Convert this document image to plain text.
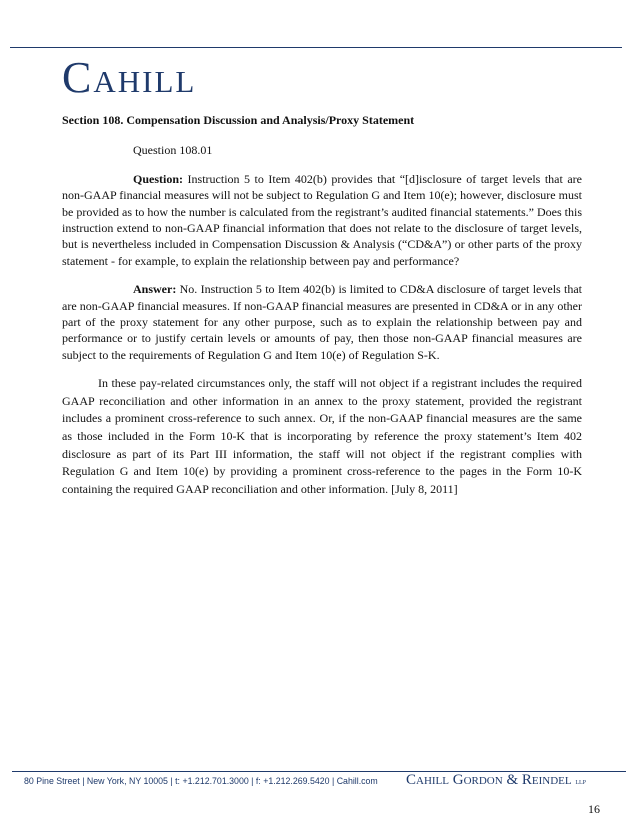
Cahill
Section 108. Compensation Discussion and Analysis/Proxy Statement
Question 108.01

Question: Instruction 5 to Item 402(b) provides that “[d]isclosure of target levels that are non-GAAP financial measures will not be subject to Regulation G and Item 10(e); however, disclosure must be provided as to how the number is calculated from the registrant’s audited financial statements.” Does this instruction extend to non-GAAP financial information that does not relate to the disclosure of target levels, but is nevertheless included in Compensation Discussion & Analysis (“CD&A”) or other parts of the proxy statement - for example, to explain the relationship between pay and performance?

Answer: No. Instruction 5 to Item 402(b) is limited to CD&A disclosure of target levels that are non-GAAP financial measures. If non-GAAP financial measures are presented in CD&A or in any other part of the proxy statement for any other purpose, such as to explain the relationship between pay and performance or to justify certain levels or amounts of pay, then those non-GAAP financial measures are subject to the requirements of Regulation G and Item 10(e) of Regulation S-K.

In these pay-related circumstances only, the staff will not object if a registrant includes the required GAAP reconciliation and other information in an annex to the proxy statement, provided the registrant includes a prominent cross-reference to such annex. Or, if the non-GAAP financial measures are the same as those included in the Form 10-K that is incorporating by reference the proxy statement’s Item 402 disclosure as part of its Part III information, the staff will not object if the registrant complies with Regulation G and Item 10(e) by providing a prominent cross-reference to the pages in the Form 10-K containing the required GAAP reconciliation and other information. [July 8, 2011]

80 Pine Street | New York, NY 10005 | t: +1.212.701.3000 | f: +1.212.269.5420 | Cahill.com Cahill Gordon & Reindel llp
16
